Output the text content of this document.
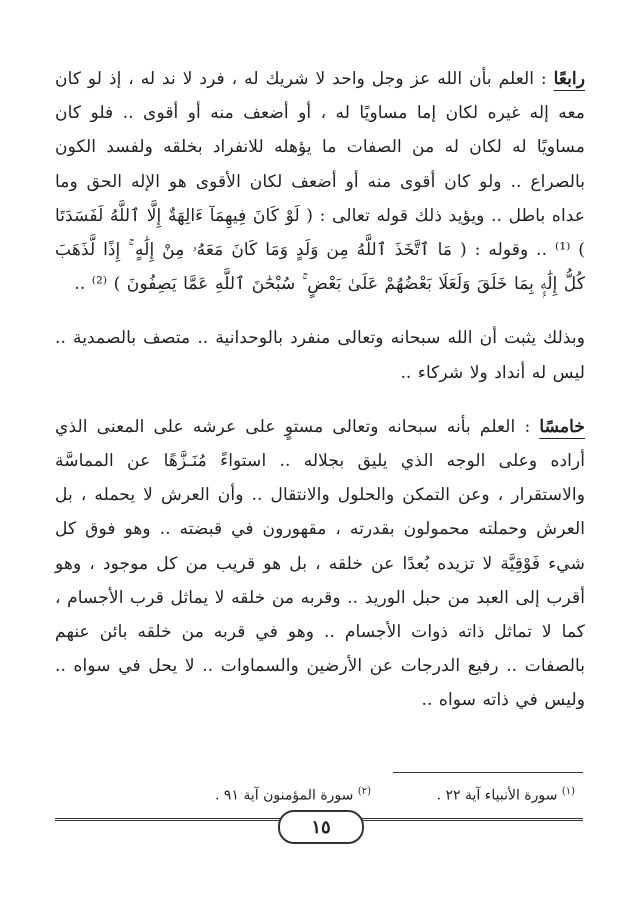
رابعًا : العلم بأن الله عز وجل واحد لا شريك له ، فرد لا ند له ، إذ لو كان معه إله غيره لكان إما مساويًا له ، أو أضعف منه أو أقوى .. فلو كان مساويًا له لكان له من الصفات ما يؤهله للانفراد بخلقه ولفسد الكون بالصراع .. ولو كان أقوى منه أو أضعف لكان الأقوى هو الإله الحق وما عداه باطل .. ويؤيد ذلك قوله تعالى : ( لَوْ كَانَ فِيهِمَآ ءَالِهَةٌ إِلَّا ٱللَّهُ لَفَسَدَتَا ) ⁽¹⁾ .. وقوله : ( مَا ٱتَّخَذَ ٱللَّهُ مِن وَلَدٍ وَمَا كَانَ مَعَهُۥ مِنْ إِلَٰهٍ ۚ إِذًا لَّذَهَبَ كُلُّ إِلَٰهٍۭ بِمَا خَلَقَ وَلَعَلَا بَعْضُهُمْ عَلَىٰ بَعْضٍ ۚ سُبْحَٰنَ ٱللَّهِ عَمَّا يَصِفُونَ ) ⁽²⁾ ..

وبذلك يثبت أن الله سبحانه وتعالى منفرد بالوحدانية .. متصف بالصمدية .. ليس له أنداد ولا شركاء ..

خامسًا : العلم بأنه سبحانه وتعالى مستوٍ على عرشه على المعنى الذي أراده وعلى الوجه الذي يليق بجلاله .. استواءً مُنَـزَّهًا عن المماسَّة والاستقرار ، وعن التمكن والحلول والانتقال .. وأن العرش لا يحمله ، بل العرش وحملته محمولون بقدرته ، مقهورون في قبضته .. وهو فوق كل شيء فَوْقِيَّة لا تزيده بُعدًا عن خلقه ، بل هو قريب من كل موجود ، وهو أقرب إلى العبد من حبل الوريد .. وقربه من خلقه لا يماثل قرب الأجسام ، كما لا تماثل ذاته ذوات الأجسام .. وهو في قربه من خلقه بائن عنهم بالصفات .. رفيع الدرجات عن الأرضين والسماوات .. لا يحل في سواه .. وليس في ذاته سواه ..

$^{(١)}$ سورة الأنبياء آية ٢٢ .
$^{(٢)}$ سورة المؤمنون آية ٩١ .
١٥
